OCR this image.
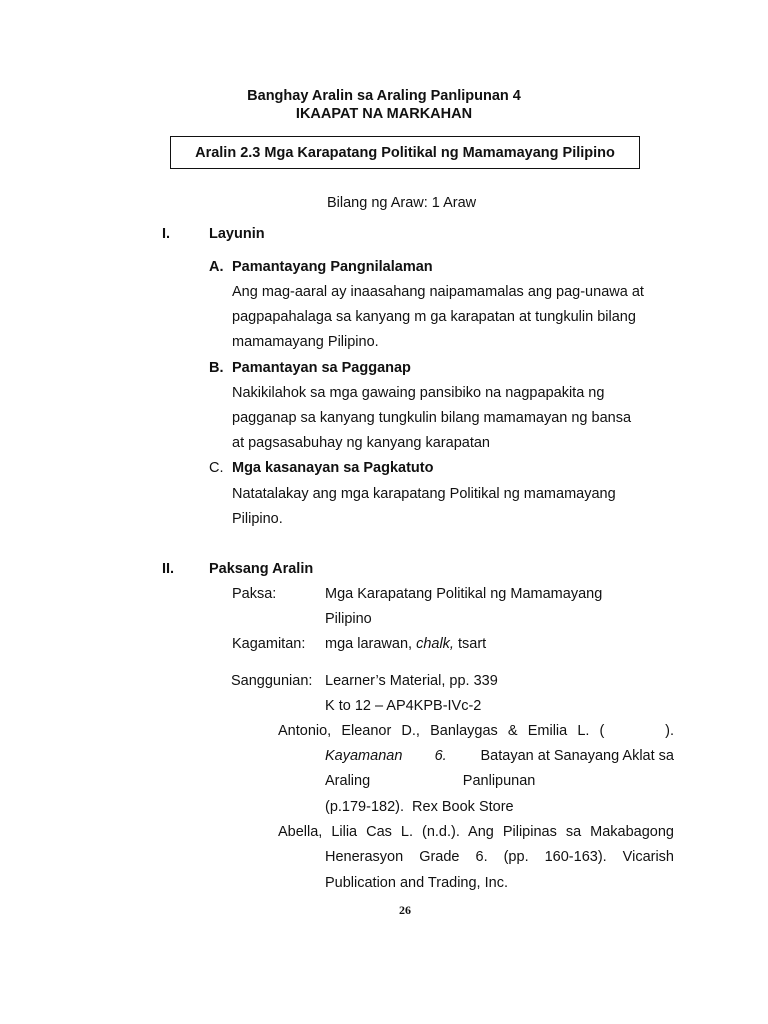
Banghay Aralin sa Araling Panlipunan 4
IKAAPAT NA MARKAHAN
Aralin 2.3 Mga Karapatang Politikal ng Mamamayang Pilipino
Bilang ng Araw: 1 Araw
I.	Layunin
A. Pamantayang Pangnilalaman
Ang mag-aaral ay inaasahang naipamamalas ang pag-unawa at
pagpapahalaga sa kanyang m ga karapatan at tungkulin bilang
mamamayang Pilipino.
B. Pamantayan sa Pagganap
Nakikilahok sa mga gawaing pansibiko na nagpapakita ng
pagganap sa kanyang tungkulin bilang mamamayan ng bansa
at pagsasabuhay ng kanyang karapatan
C. Mga kasanayan sa Pagkatuto
Natatalakay ang mga karapatang Politikal ng mamamayang
Pilipino.
II. Paksang Aralin
Paksa:	Mga Karapatang Politikal ng Mamamayang
Pilipino
Kagamitan: mga larawan, chalk, tsart
Sanggunian: Learner’s Material, pp. 339
K to 12 – AP4KPB-IVc-2
Antonio, Eleanor D., Banlaygas & Emilia L. (      ).
Kayamanan        6. Batayan at Sanayang Aklat sa
Araling                       Panlipunan
(p.179-182).  Rex Book Store
Abella, Lilia Cas L. (n.d.). Ang Pilipinas sa Makabagong
Henerasyon Grade 6. (pp. 160-163). Vicarish
Publication and Trading, Inc.
26
